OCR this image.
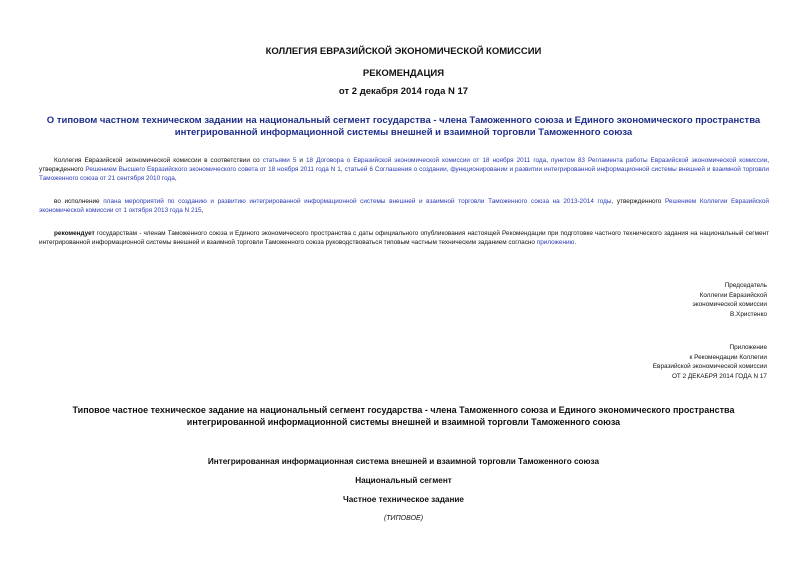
КОЛЛЕГИЯ ЕВРАЗИЙСКОЙ ЭКОНОМИЧЕСКОЙ КОМИССИИ
РЕКОМЕНДАЦИЯ
от 2 декабря 2014 года N 17
О типовом частном техническом задании на национальный сегмент государства - члена Таможенного союза и Единого экономического пространства
интегрированной информационной системы внешней и взаимной торговли Таможенного союза
Коллегия Евразийской экономической комиссии в соответствии со статьями 5 и 18 Договора о Евразийской экономической комиссии от 18 ноября 2011 года, пунктом 83 Регламента работы Евразийской экономической комиссии, утвержденного Решением Высшего Евразийского экономического совета от 18 ноября 2011 года N 1, статьей 6 Соглашения о создании, функционировании и развитии интегрированной информационной системы внешней и взаимной торговли Таможенного союза от 21 сентября 2010 года,
во исполнение плана мероприятий по созданию и развитию интегрированной информационной системы внешней и взаимной торговли Таможенного союза на 2013-2014 годы, утвержденного Решением Коллегии Евразийской экономической комиссии от 1 октября 2013 года N 215,
рекомендует государствам - членам Таможенного союза и Единого экономического пространства с даты официального опубликования настоящей Рекомендации при подготовке частного технического задания на национальный сегмент интегрированной информационной системы внешней и взаимной торговли Таможенного союза руководствоваться типовым частным техническим заданием согласно приложению.
Председатель
Коллегии Евразийской
экономической комиссии
В.Христенко
Приложение
к Рекомендации Коллегии
Евразийской экономической комиссии
ОТ 2 ДЕКАБРЯ 2014 ГОДА N 17
Типовое частное техническое задание на национальный сегмент государства - члена Таможенного союза и Единого экономического пространства
интегрированной информационной системы внешней и взаимной торговли Таможенного союза
Интегрированная информационная система внешней и взаимной торговли Таможенного союза
Национальный сегмент
Частное техническое задание
(ТИПОВОЕ)
